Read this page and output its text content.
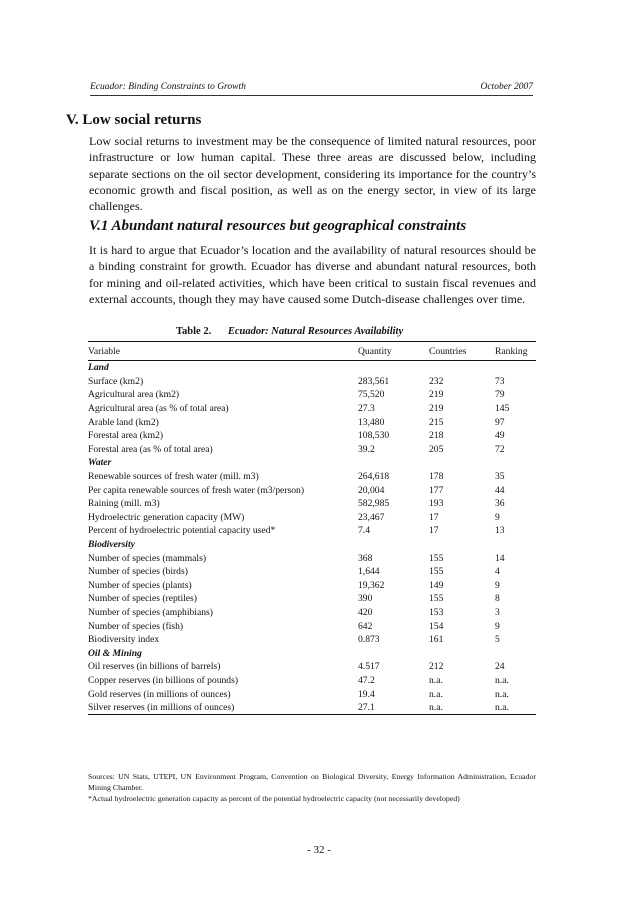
Ecuador: Binding Constraints to Growth	October 2007
V. Low social returns
Low social returns to investment may be the consequence of limited natural resources, poor infrastructure or low human capital. These three areas are discussed below, including separate sections on the oil sector development, considering its importance for the country’s economic growth and fiscal position, as well as on the energy sector, in view of its large challenges.
V.1 Abundant natural resources but geographical constraints
It is hard to argue that Ecuador’s location and the availability of natural resources should be a binding constraint for growth. Ecuador has diverse and abundant natural resources, both for mining and oil-related activities, which have been critical to sustain fiscal revenues and external accounts, though they may have caused some Dutch-disease challenges over time.
Table 2. Ecuador: Natural Resources Availability
Variable	Quantity	Countries	Ranking
Land			
Surface (km2)	283,561	232	73
Agricultural area (km2)	75,520	219	79
Agricultural area (as % of total area)	27.3	219	145
Arable land (km2)	13,480	215	97
Forestal area (km2)	108,530	218	49
Forestal area (as % of total area)	39.2	205	72
Water			
Renewable sources of fresh water (mill. m3)	264,618	178	35
Per capita renewable sources of fresh water (m3/person)	20,004	177	44
Raining (mill. m3)	582,985	193	36
Hydroelectric generation capacity (MW)	23,467	17	9
Percent of hydroelectric potential capacity used*	7.4	17	13
Biodiversity			
Number of species (mammals)	368	155	14
Number of species (birds)	1,644	155	4
Number of species (plants)	19,362	149	9
Number of species (reptiles)	390	155	8
Number of species (amphibians)	420	153	3
Number of species (fish)	642	154	9
Biodiversity index	0.873	161	5
Oil & Mining			
Oil reserves (in billions of barrels)	4.517	212	24
Copper reserves (in billions of pounds)	47.2	n.a.	n.a.
Gold reserves (in millions of ounces)	19.4	n.a.	n.a.
Silver reserves (in millions of ounces)	27.1	n.a.	n.a.
Sources: UN Stats, UTEPI, UN Environment Program, Convention on Biological Diversity, Energy Information Administration, Ecuador Mining Chamber.
*Actual hydroelectric generation capacity as percent of the potential hydroelectric capacity (not necessarily developed)
- 32 -
